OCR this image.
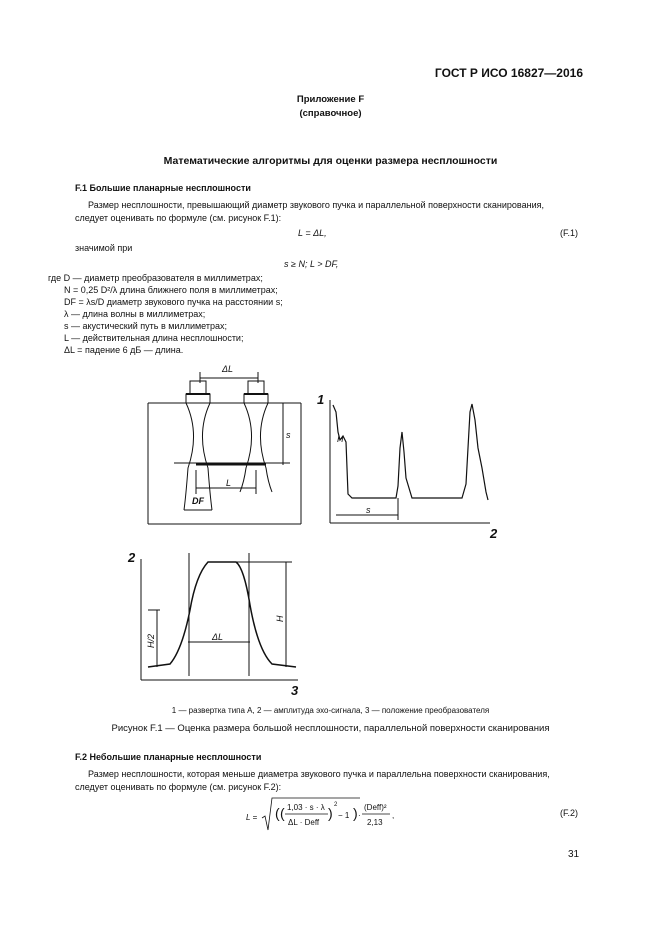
ГОСТ Р ИСО 16827—2016
Приложение F
(справочное)
Математические алгоритмы для оценки размера несплошности
F.1 Большие планарные несплошности
Размер несплошности, превышающий диаметр звукового пучка и параллельной поверхности сканирования,
следует оценивать по формуле (см. рисунок F.1):
L = ΔL,	(F.1)
значимой при
s ≥ N; L > DF,
где D — диаметр преобразователя в миллиметрах;
N = 0,25 D²/λ длина ближнего поля в миллиметрах;
DF = λs/D диаметр звукового пучка на расстоянии s;
λ — длина волны в миллиметрах;
s — акустический путь в миллиметрах;
L — действительная длина несплошности;
ΔL = падение 6 дБ — длина.
ΔL
s
DF
L
1
2
H
s
2
3
H/2	ΔL
H
1 — развертка типа А, 2 — амплитуда эхо-сигнала, 3 — положение преобразователя
Рисунок F.1 — Оценка размера большой несплошности, параллельной поверхности сканирования
F.2 Небольшие планарные несплошности
Размер несплошности, которая меньше диаметра звукового пучка и параллельна поверхности сканирования,
следует оценивать по формуле (см. рисунок F.2):
L = ( ( 1,03 · s · λ
ΔL · Deff
) 2
− 1 ) ·
(Deff)²
2,13
,	(F.2)
31
